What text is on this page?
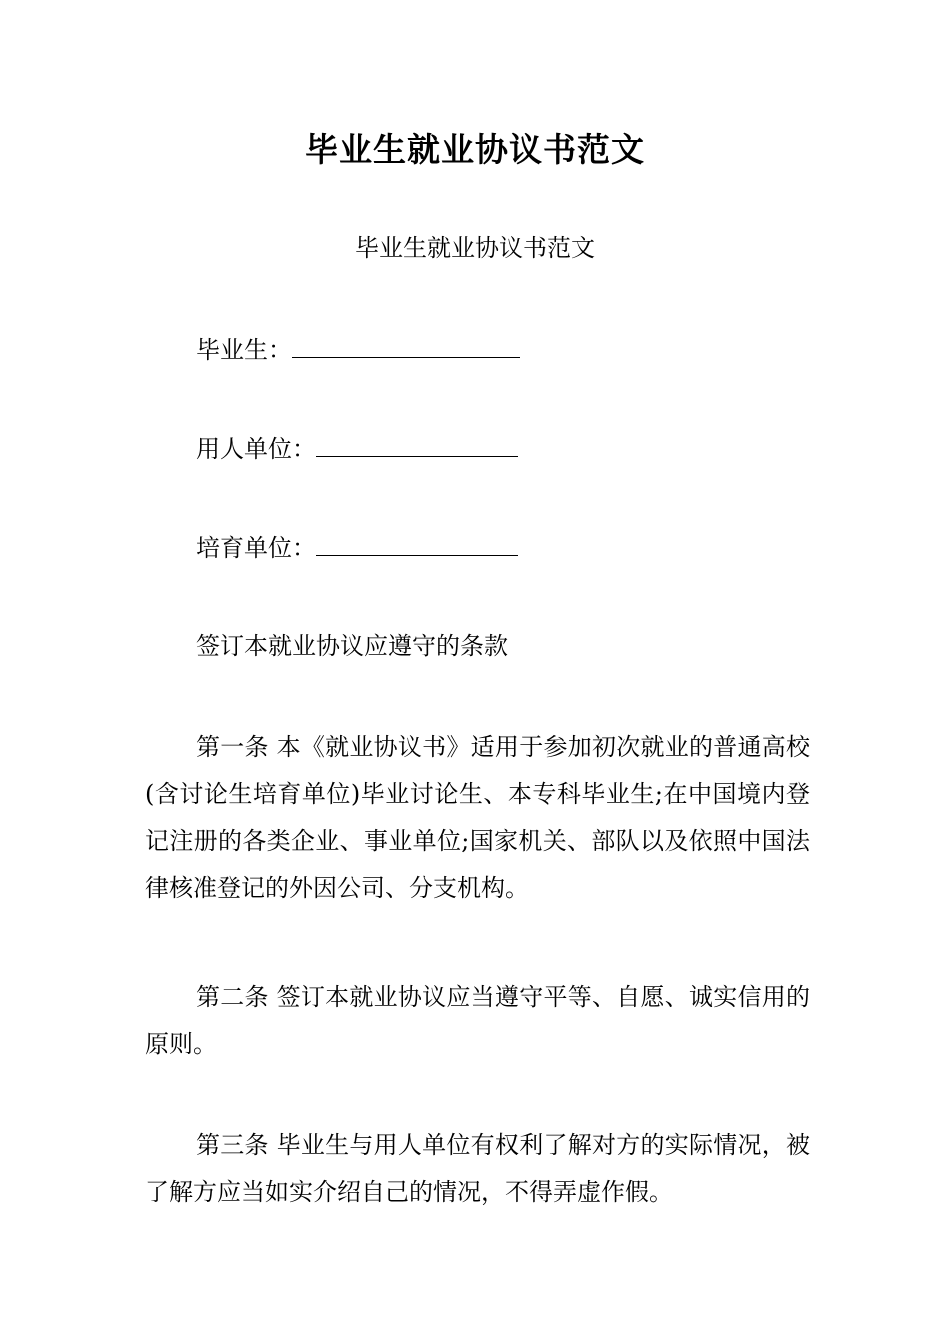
毕业生就业协议书范文
毕业生就业协议书范文
毕业生：
用人单位：
培育单位：
签订本就业协议应遵守的条款
第一条 本《就业协议书》适用于参加初次就业的普通高校(含讨论生培育单位)毕业讨论生、本专科毕业生;在中国境内登记注册的各类企业、事业单位;国家机关、部队以及依照中国法律核准登记的外因公司、分支机构。
第二条 签订本就业协议应当遵守平等、自愿、诚实信用的原则。
第三条 毕业生与用人单位有权利了解对方的实际情况，被了解方应当如实介绍自己的情况，不得弄虚作假。
